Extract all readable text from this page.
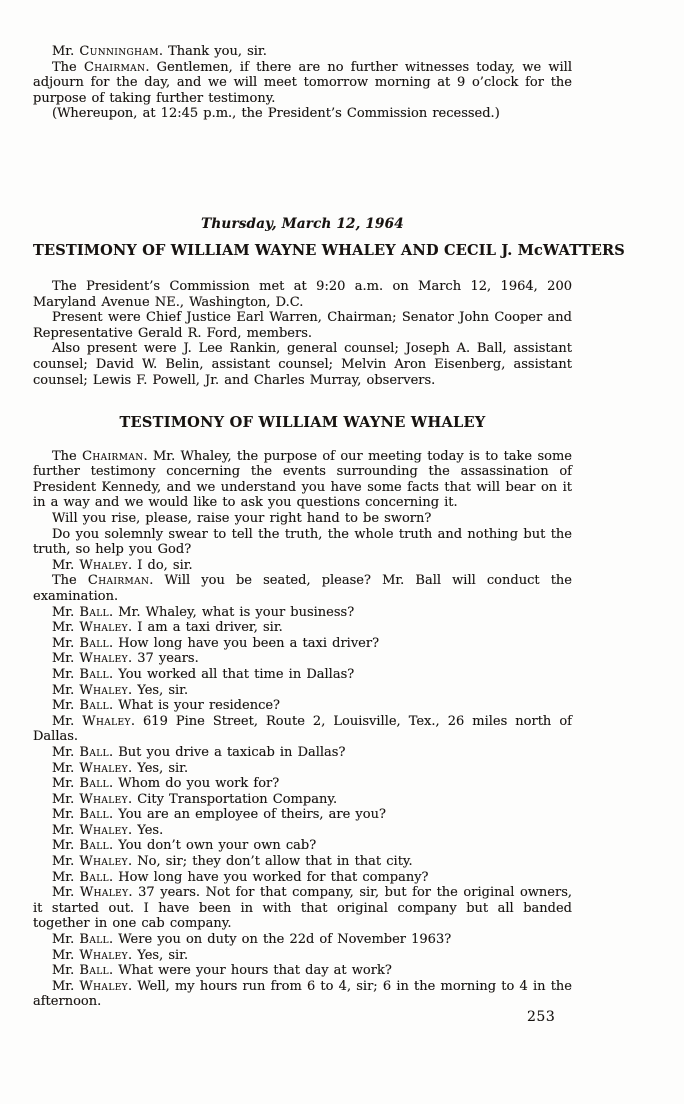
Mr. Cunningham. Thank you, sir.

The Chairman. Gentlemen, if there are no further witnesses today, we will adjourn for the day, and we will meet tomorrow morning at 9 o’clock for the purpose of taking further testimony.

(Whereupon, at 12:45 p.m., the President’s Commission recessed.)

Thursday, March 12, 1964
TESTIMONY OF WILLIAM WAYNE WHALEY AND CECIL J. McWATTERS

The President’s Commission met at 9:20 a.m. on March 12, 1964, 200 Maryland Avenue NE., Washington, D.C.

Present were Chief Justice Earl Warren, Chairman; Senator John Cooper and Representative Gerald R. Ford, members.

Also present were J. Lee Rankin, general counsel; Joseph A. Ball, assistant counsel; David W. Belin, assistant counsel; Melvin Aron Eisenberg, assistant counsel; Lewis F. Powell, Jr. and Charles Murray, observers.

TESTIMONY OF WILLIAM WAYNE WHALEY

The Chairman. Mr. Whaley, the purpose of our meeting today is to take some further testimony concerning the events surrounding the assassination of President Kennedy, and we understand you have some facts that will bear on it in a way and we would like to ask you questions concerning it.

Will you rise, please, raise your right hand to be sworn?

Do you solemnly swear to tell the truth, the whole truth and nothing but the truth, so help you God?

Mr. Whaley. I do, sir.

The Chairman. Will you be seated, please? Mr. Ball will conduct the examination.

Mr. Ball. Mr. Whaley, what is your business?

Mr. Whaley. I am a taxi driver, sir.

Mr. Ball. How long have you been a taxi driver?

Mr. Whaley. 37 years.

Mr. Ball. You worked all that time in Dallas?

Mr. Whaley. Yes, sir.

Mr. Ball. What is your residence?

Mr. Whaley. 619 Pine Street, Route 2, Louisville, Tex., 26 miles north of Dallas.

Mr. Ball. But you drive a taxicab in Dallas?

Mr. Whaley. Yes, sir.

Mr. Ball. Whom do you work for?

Mr. Whaley. City Transportation Company.

Mr. Ball. You are an employee of theirs, are you?

Mr. Whaley. Yes.

Mr. Ball. You don’t own your own cab?

Mr. Whaley. No, sir; they don’t allow that in that city.

Mr. Ball. How long have you worked for that company?

Mr. Whaley. 37 years. Not for that company, sir, but for the original owners, it started out. I have been in with that original company but all banded together in one cab company.

Mr. Ball. Were you on duty on the 22d of November 1963?

Mr. Whaley. Yes, sir.

Mr. Ball. What were your hours that day at work?

Mr. Whaley. Well, my hours run from 6 to 4, sir; 6 in the morning to 4 in the afternoon.

253
